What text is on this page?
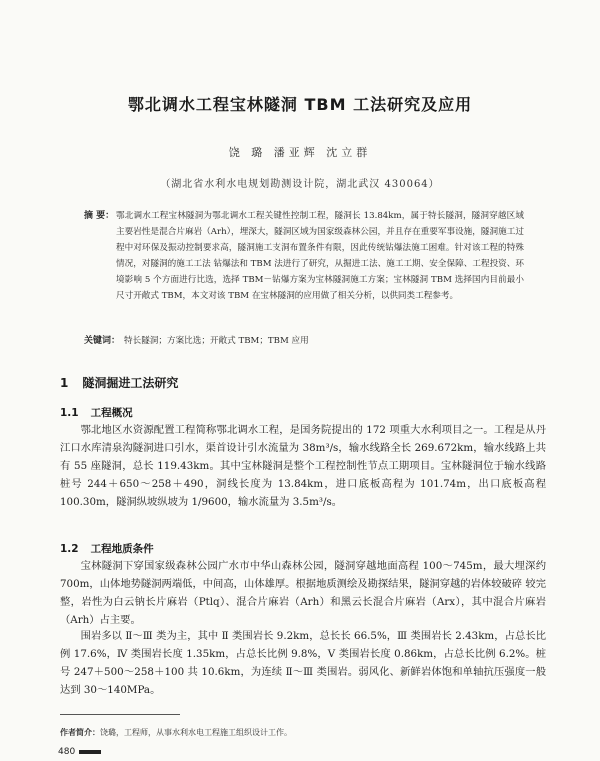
鄂北调水工程宝林隧洞 TBM 工法研究及应用
饶 璐 潘亚辉 沈立群
（湖北省水利水电规划勘测设计院，湖北武汉 430064）
摘 要： 鄂北调水工程宝林隧洞为鄂北调水工程关键性控制工程，隧洞长 13.84km，属于特长隧洞，隧洞穿越区域主要岩性是混合片麻岩（Arh），埋深大，隧洞区域为国家级森林公园，并且存在重要军事设施，隧洞施工过程中对环保及振动控制要求高，隧洞施工支洞布置条件有限，因此传统钻爆法施工困难。针对该工程的特殊情况，对隧洞的施工工法 钻爆法和 TBM 法进行了研究，从掘进工法、施工工期、安全保障、工程投资、环境影响 5 个方面进行比选，选择 TBM－钻爆方案为宝林隧洞施工方案；宝林隧洞 TBM 选择国内目前最小尺寸开敞式 TBM，本文对该 TBM 在宝林隧洞的应用做了相关分析，以供同类工程参考。
关键词： 特长隧洞；方案比选；开敞式 TBM；TBM 应用
1 隧洞掘进工法研究
1.1 工程概况
鄂北地区水资源配置工程简称鄂北调水工程，是国务院提出的 172 项重大水利项目之一。工程是从丹江口水库清泉沟隧洞进口引水，渠首设计引水流量为 38m³/s，输水线路全长 269.672km，输水线路上共有 55 座隧洞，总长 119.43km。其中宝林隧洞是整个工程控制性节点工期项目。宝林隧洞位于输水线路桩号 244＋650～258＋490，洞线长度为 13.84km，进口底板高程为 101.74m，出口底板高程 100.30m，隧洞纵坡纵坡为 1/9600，输水流量为 3.5m³/s。
1.2 工程地质条件
宝林隧洞下穿国家级森林公园广水市中华山森林公园，隧洞穿越地面高程 100～745m，最大埋深约 700m，山体地势隧洞两端低，中间高，山体雄厚。根据地质测绘及勘探结果，隧洞穿越的岩体较破碎 较完整，岩性为白云钠长片麻岩（Ptlq）、混合片麻岩（Arh）和黑云长混合片麻岩（Arx），其中混合片麻岩（Arh）占主要。
围岩多以 Ⅱ～Ⅲ 类为主，其中 Ⅱ 类围岩长 9.2km，总长长 66.5%，Ⅲ 类围岩长 2.43km，占总长比例 17.6%，Ⅳ 类围岩长度 1.35km，占总长比例 9.8%，Ⅴ 类围岩长度 0.86km，占总长比例 6.2%。桩号 247＋500～258＋100 共 10.6km，为连续 Ⅱ～Ⅲ 类围岩。弱风化、新鲜岩体饱和单轴抗压强度一般达到 30～140MPa。
作者简介：饶璐，工程师，从事水利水电工程施工组织设计工作。
480
